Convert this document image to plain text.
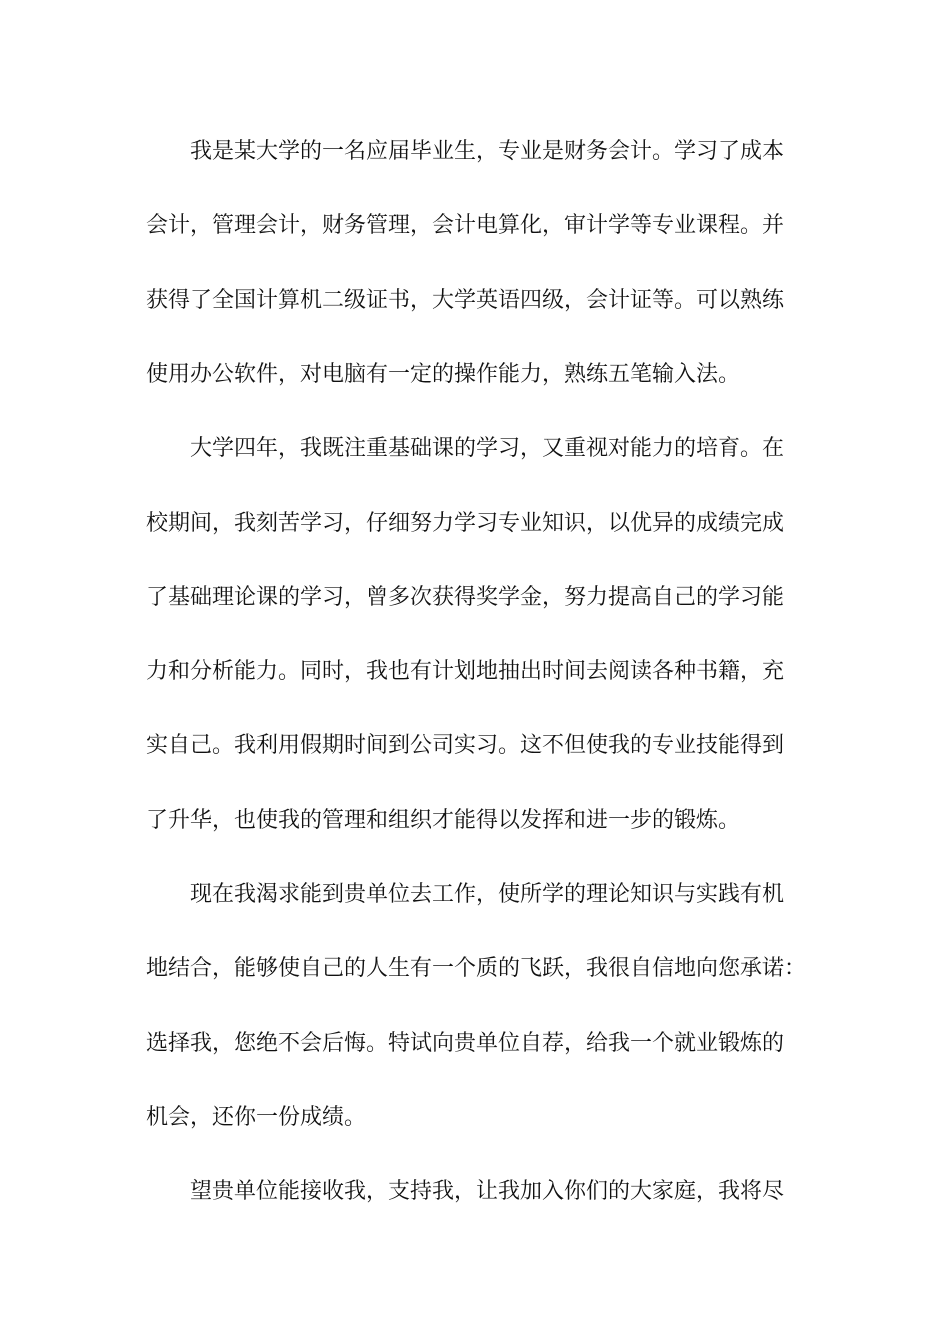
我是某大学的一名应届毕业生，专业是财务会计。学习了成本
会计，管理会计，财务管理，会计电算化，审计学等专业课程。并
获得了全国计算机二级证书，大学英语四级，会计证等。可以熟练
使用办公软件，对电脑有一定的操作能力，熟练五笔输入法。
大学四年，我既注重基础课的学习，又重视对能力的培育。在
校期间，我刻苦学习，仔细努力学习专业知识，以优异的成绩完成
了基础理论课的学习，曾多次获得奖学金，努力提高自己的学习能
力和分析能力。同时，我也有计划地抽出时间去阅读各种书籍，充
实自己。我利用假期时间到公司实习。这不但使我的专业技能得到
了升华，也使我的管理和组织才能得以发挥和进一步的锻炼。
现在我渴求能到贵单位去工作，使所学的理论知识与实践有机
地结合，能够使自己的人生有一个质的飞跃，我很自信地向您承诺：
选择我，您绝不会后悔。特试向贵单位自荐，给我一个就业锻炼的
机会，还你一份成绩。
望贵单位能接收我，支持我，让我加入你们的大家庭，我将尽
